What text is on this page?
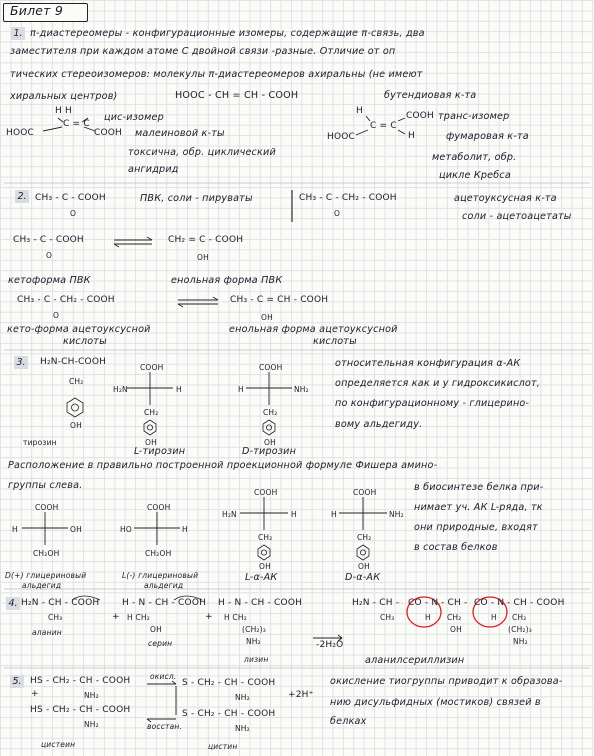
Билет 9
1. π-диастереомеры - конфигурационные изомеры, содержащие π-связь, два
заместителя при каждом атоме С двойной связи -разные. Отличие от оп
тических стереоизомеров: молекулы π-диастереомеров ахиральны (не имеют
хиральных центров)	HOOC - CH = CH - COOH	бутендиовая к-та
H H
C = C
HOOC	COOH
цис-изомер
малеиновой к-ты
токсична, обр. циклический
ангидрид
H
C = C
HOOC
COOH
H
транс-изомер
фумаровая к-та
метаболит, обр.
цикле Кребса
2. CH₃ - C - COOH
O
ПВК, соли - пируваты	CH₃ - C - CH₂ - COOH
O
ацетоуксусная к-та
соли - ацетоацетаты
CH₃ - C - COOH
O
CH₂ = C - COOH
OH
кетоформа ПВК	енольная форма ПВК
CH₃ - C - CH₂ - COOH
O
CH₃ - C = CH - COOH
OH
кето-форма ацетоуксусной
кислоты
енольная форма ацетоуксусной
кислоты
3. H₂N-CH-COOH
CH₂
OH
тирозин
COOH
H₂N	H
CH₂
OH
L-тирозин
COOH
H	NH₂
CH₂
OH
D-тирозин
относительная конфигурация α-АК
определяется как и у гидроксикислот,
по конфигурационному - глицерино-
вому альдегиду.
Расположение в правильно построенной проекционной формуле Фишера амино-
группы слева.
COOH
H	OH
CH₂OH
D(+) глицериновый
альдегид
COOH
HO	H
CH₂OH
L(-) глицериновый
альдегид
COOH
H₂N	H
CH₂
OH
L-α-АК
COOH
H	NH₂
CH₂
OH
D-α-АК
в биосинтезе белка при-
нимает уч. АК L-ряда, тк
они природные, входят
в состав белков
4. H₂N - CH - COOH
CH₃
аланин
+
H - N - CH - COOH
H CH₂
OH
серин
+
H - N - CH - COOH
H CH₂
(CH₂)₃
NH₂
лизин
-2H₂O
H₂N - CH - CO - N - CH - CO - N - CH - COOH
CH₃	H CH₂
OH
H CH₂
(CH₂)₃
NH₂
аланилсериллизин
5. HS - CH₂ - CH - COOH
NH₂
+
HS - CH₂ - CH - COOH
NH₂
цистеин
окисл.
восстан.
S - CH₂ - CH - COOH
NH₂
S - CH₂ - CH - COOH
NH₂
цистин
+2H⁺
окисление тиогруппы приводит к образова-
нию дисульфидных (мостиков) связей в
белках
